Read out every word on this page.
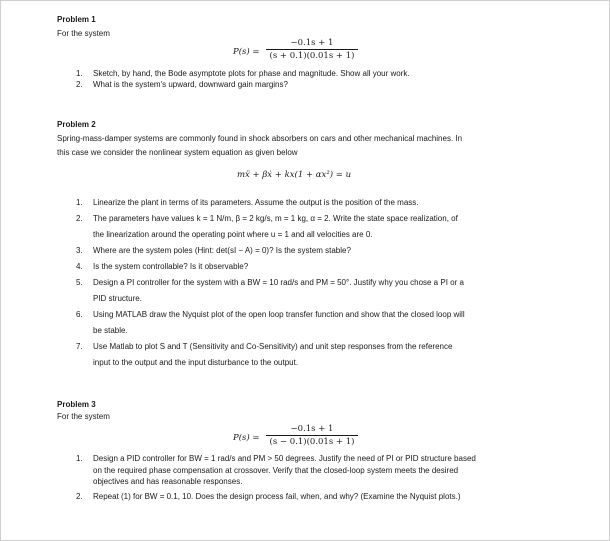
Problem 1
For the system
P(s) =
−0.1s + 1
(s + 0.1)(0.01s + 1)
1. Sketch, by hand, the Bode asymptote plots for phase and magnitude. Show all your work.
2. What is the system's upward, downward gain margins?
Problem 2
Spring-mass-damper systems are commonly found in shock absorbers on cars and other mechanical machines. In
this case we consider the nonlinear system equation as given below
mẍ + βẋ + kx(1 + αx²) = u
1. Linearize the plant in terms of its parameters. Assume the output is the position of the mass.
2. The parameters have values k = 1 N/m, β = 2 kg/s, m = 1 kg, α = 2. Write the state space realization, of
the linearization around the operating point where u = 1 and all velocities are 0.
3. Where are the system poles (Hint: det(sI − A) = 0)? Is the system stable?
4. Is the system controllable? Is it observable?
5. Design a PI controller for the system with a BW = 10 rad/s and PM = 50°. Justify why you chose a PI or a
PID structure.
6. Using MATLAB draw the Nyquist plot of the open loop transfer function and show that the closed loop will
be stable.
7. Use Matlab to plot S and T (Sensitivity and Co-Sensitivity) and unit step responses from the reference
input to the output and the input disturbance to the output.
Problem 3
For the system
P(s) =
−0.1s + 1
(s − 0.1)(0.01s + 1)
1. Design a PID controller for BW = 1 rad/s and PM > 50 degrees. Justify the need of PI or PID structure based
on the required phase compensation at crossover. Verify that the closed-loop system meets the desired
objectives and has reasonable responses.
2. Repeat (1) for BW = 0.1, 10. Does the design process fail, when, and why? (Examine the Nyquist plots.)
